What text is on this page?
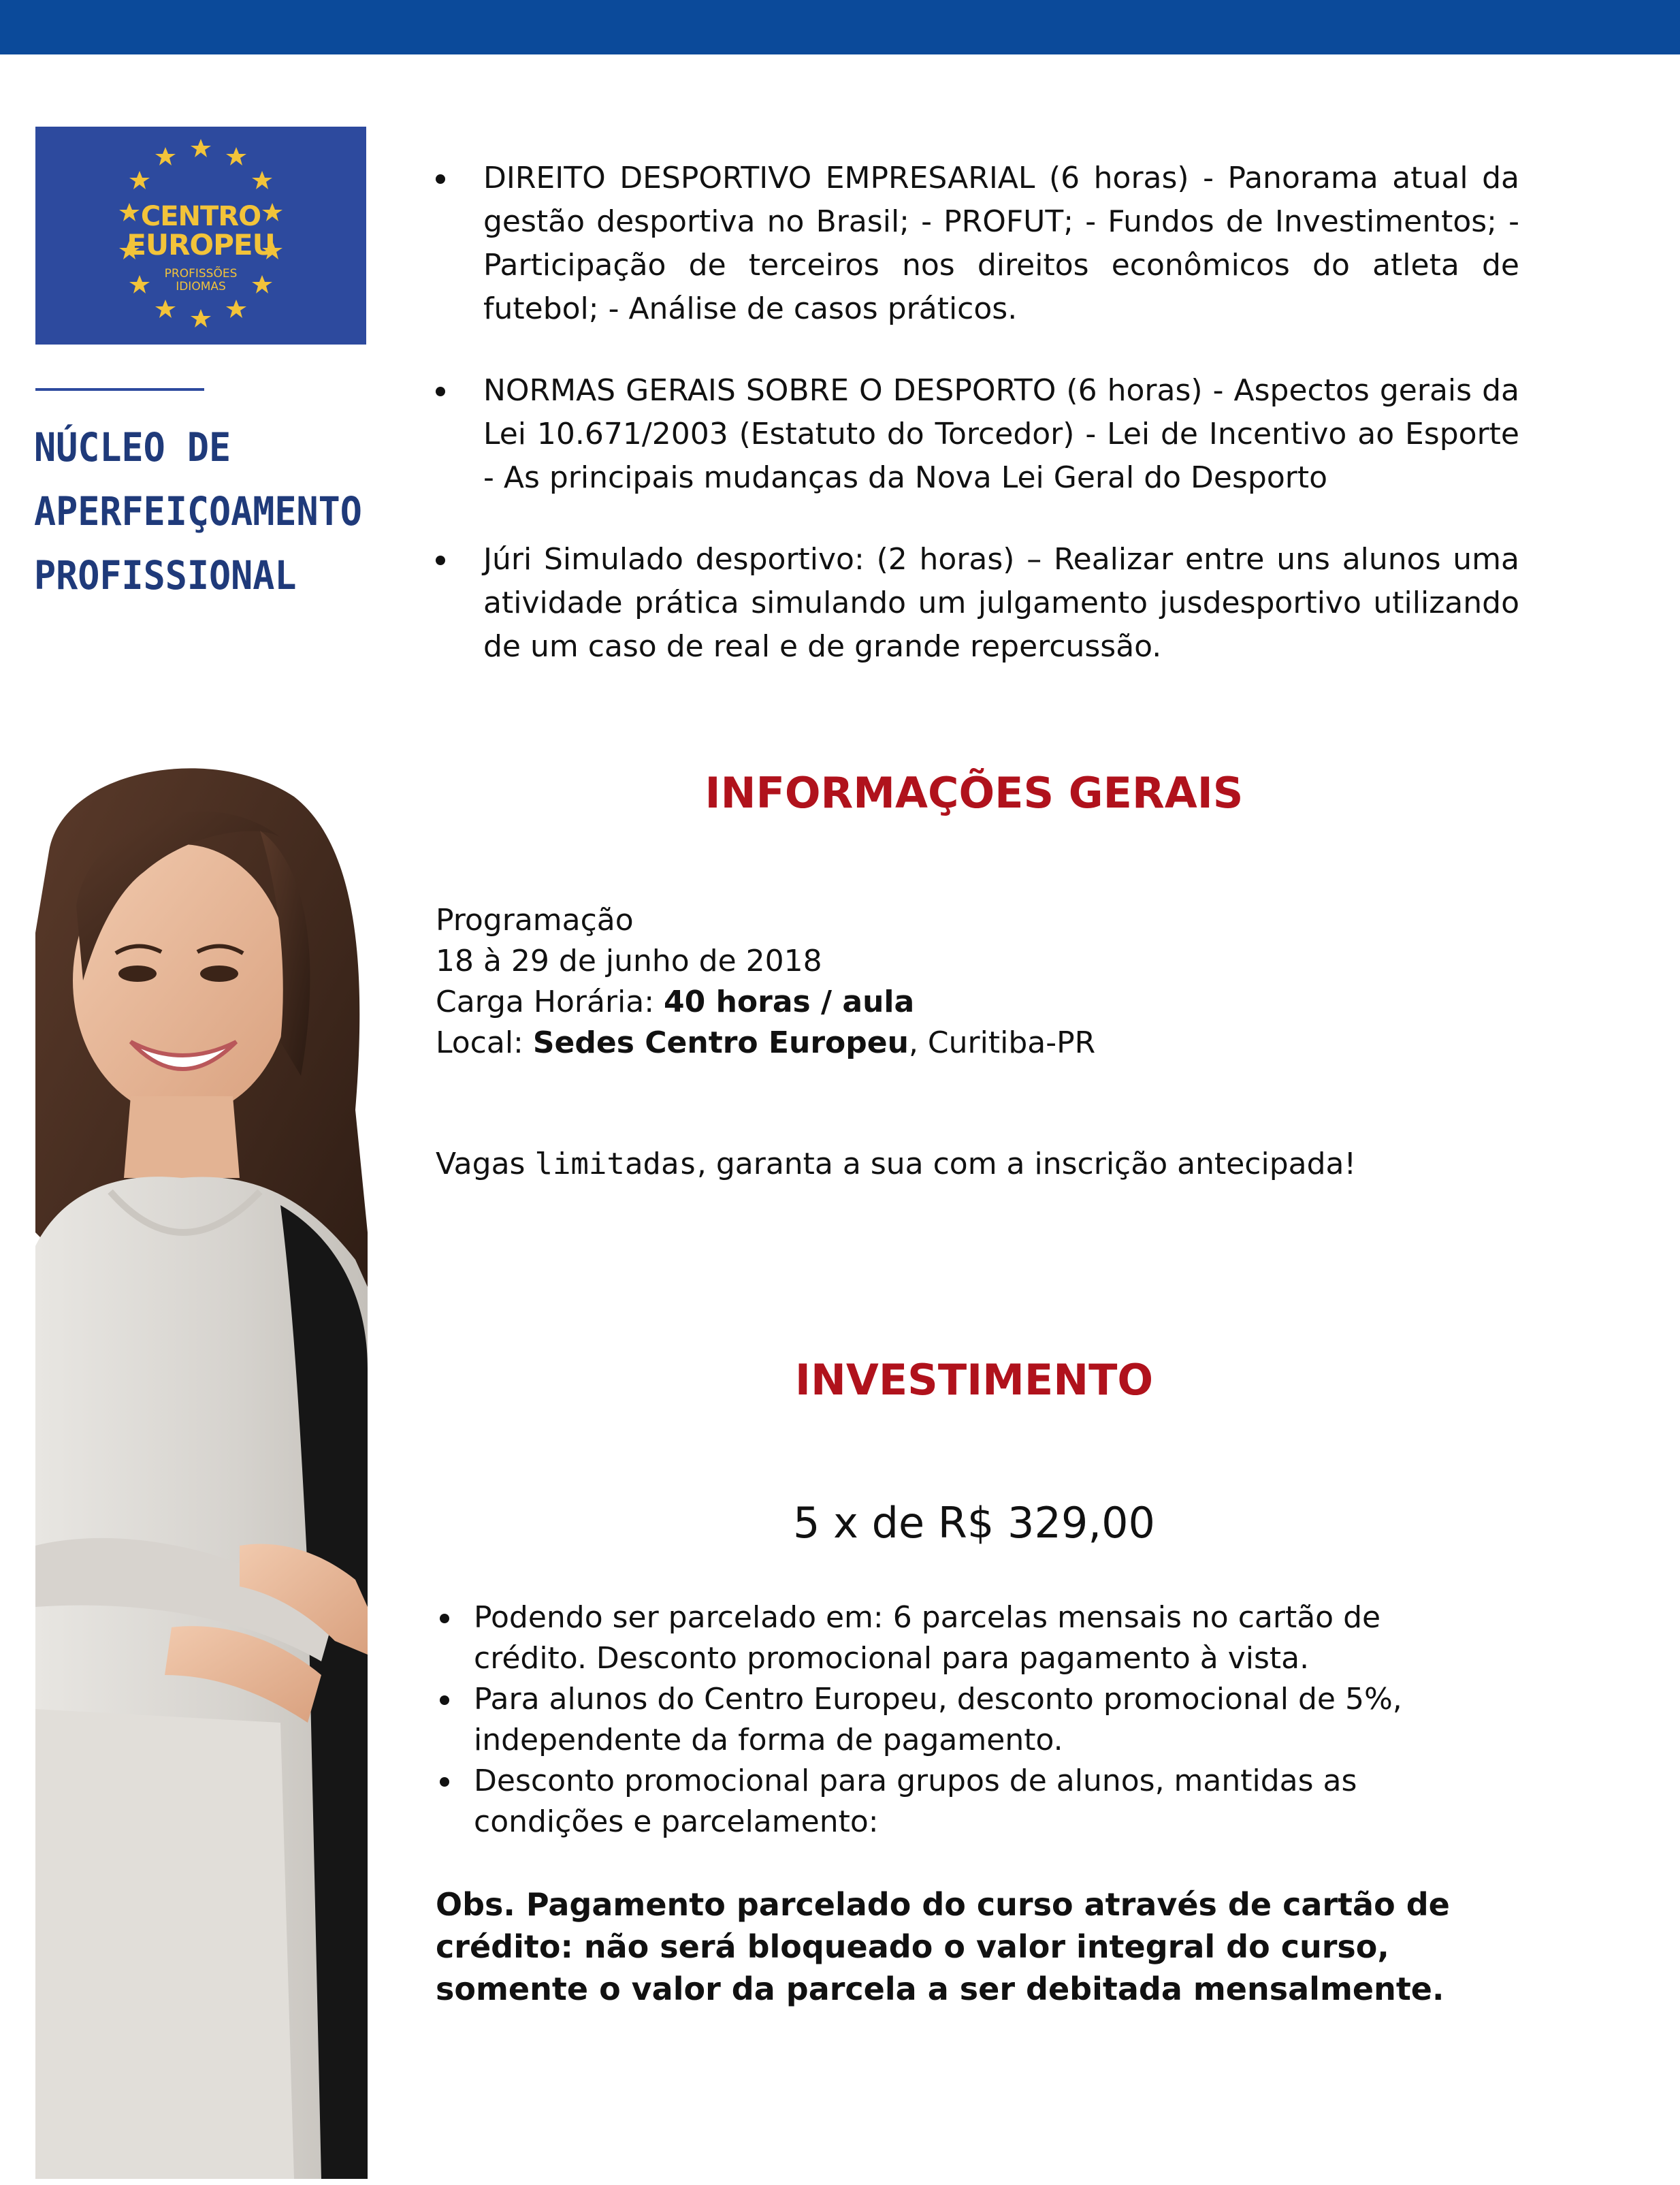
CENTRO
EUROPEU
PROFISSÕES
IDIOMAS
NÚCLEO DE
APERFEIÇOAMENTO
PROFISSIONAL
DIREITO DESPORTIVO EMPRESARIAL (6 horas) - Panorama atual da gestão desportiva no Brasil; - PROFUT; - Fundos de Investimentos; - Participação de terceiros nos direitos econômicos do atleta de futebol; - Análise de casos práticos.
NORMAS GERAIS SOBRE O DESPORTO (6 horas) - Aspectos gerais da Lei 10.671/2003 (Estatuto do Torcedor) - Lei de Incentivo ao Esporte - As principais mudanças da Nova Lei Geral do Desporto
Júri Simulado desportivo: (2 horas) – Realizar entre uns alunos uma atividade prática simulando um julgamento jusdesportivo utilizando de um caso de real e de grande repercussão.
INFORMAÇÕES GERAIS
Programação
18 à 29 de junho de 2018
Carga Horária: 40 horas / aula
Local: Sedes Centro Europeu, Curitiba-PR
Vagas limitadas, garanta a sua com a inscrição antecipada!
INVESTIMENTO
5 x de R$ 329,00
Podendo ser parcelado em: 6 parcelas mensais no cartão de crédito. Desconto promocional para pagamento à vista.
Para alunos do Centro Europeu, desconto promocional de 5%, independente da forma de pagamento.
Desconto promocional para grupos de alunos, mantidas as condições e parcelamento:
Obs. Pagamento parcelado do curso através de cartão de crédito: não será bloqueado o valor integral do curso, somente o valor da parcela a ser debitada mensalmente.
